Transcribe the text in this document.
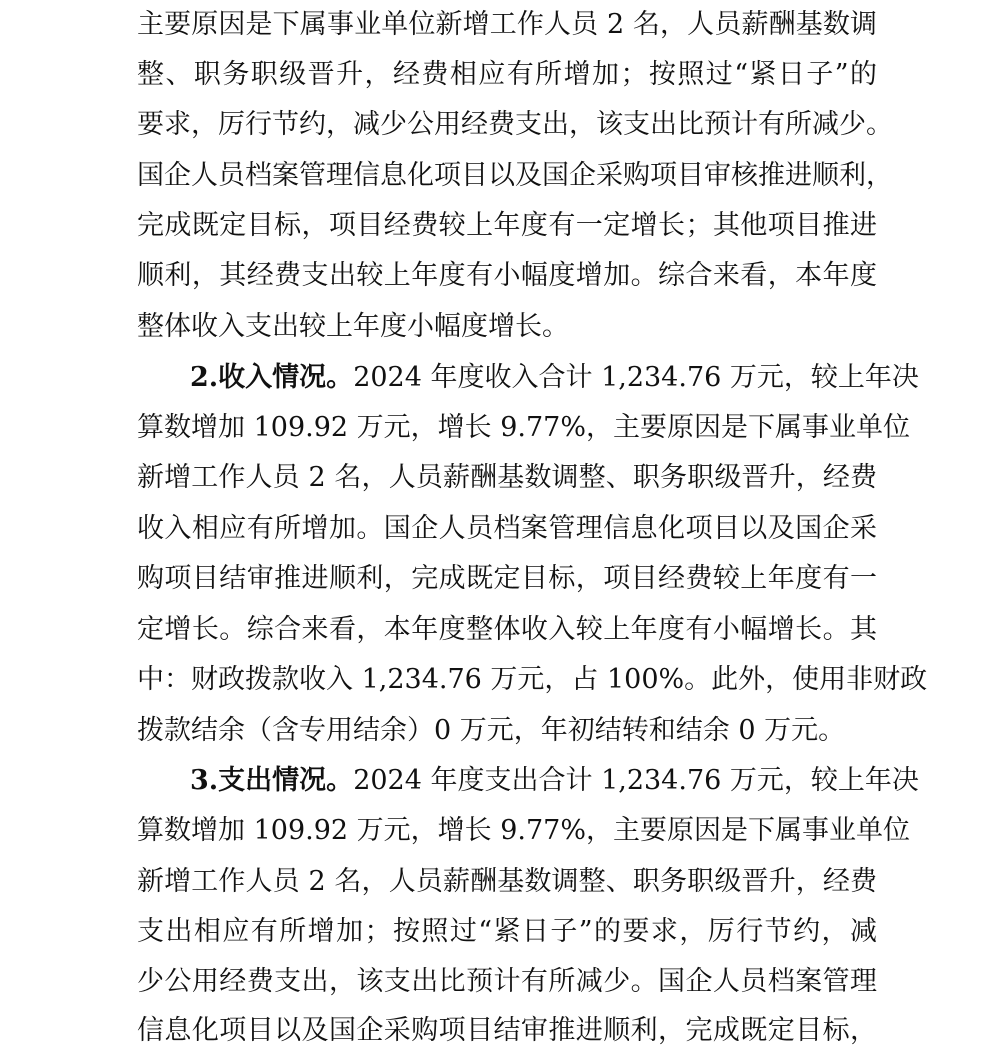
主要原因是下属事业单位新增工作人员 2 名，人员薪酬基数调
整、职务职级晋升，经费相应有所增加；按照过“紧日子”的
要求，厉行节约，减少公用经费支出，该支出比预计有所减少。
国企人员档案管理信息化项目以及国企采购项目审核推进顺利，
完成既定目标，项目经费较上年度有一定增长；其他项目推进
顺利，其经费支出较上年度有小幅度增加。综合来看，本年度
整体收入支出较上年度小幅度增长。
2.收入情况。2024 年度收入合计 1,234.76 万元，较上年决
算数增加 109.92 万元，增长 9.77%，主要原因是下属事业单位
新增工作人员 2 名，人员薪酬基数调整、职务职级晋升，经费
收入相应有所增加。国企人员档案管理信息化项目以及国企采
购项目结审推进顺利，完成既定目标，项目经费较上年度有一
定增长。综合来看，本年度整体收入较上年度有小幅增长。其
中：财政拨款收入 1,234.76 万元，占 100%。此外，使用非财政
拨款结余（含专用结余）0 万元，年初结转和结余 0 万元。
3.支出情况。2024 年度支出合计 1,234.76 万元，较上年决
算数增加 109.92 万元，增长 9.77%，主要原因是下属事业单位
新增工作人员 2 名，人员薪酬基数调整、职务职级晋升，经费
支出相应有所增加；按照过“紧日子”的要求，厉行节约，减
少公用经费支出，该支出比预计有所减少。国企人员档案管理
信息化项目以及国企采购项目结审推进顺利，完成既定目标，
